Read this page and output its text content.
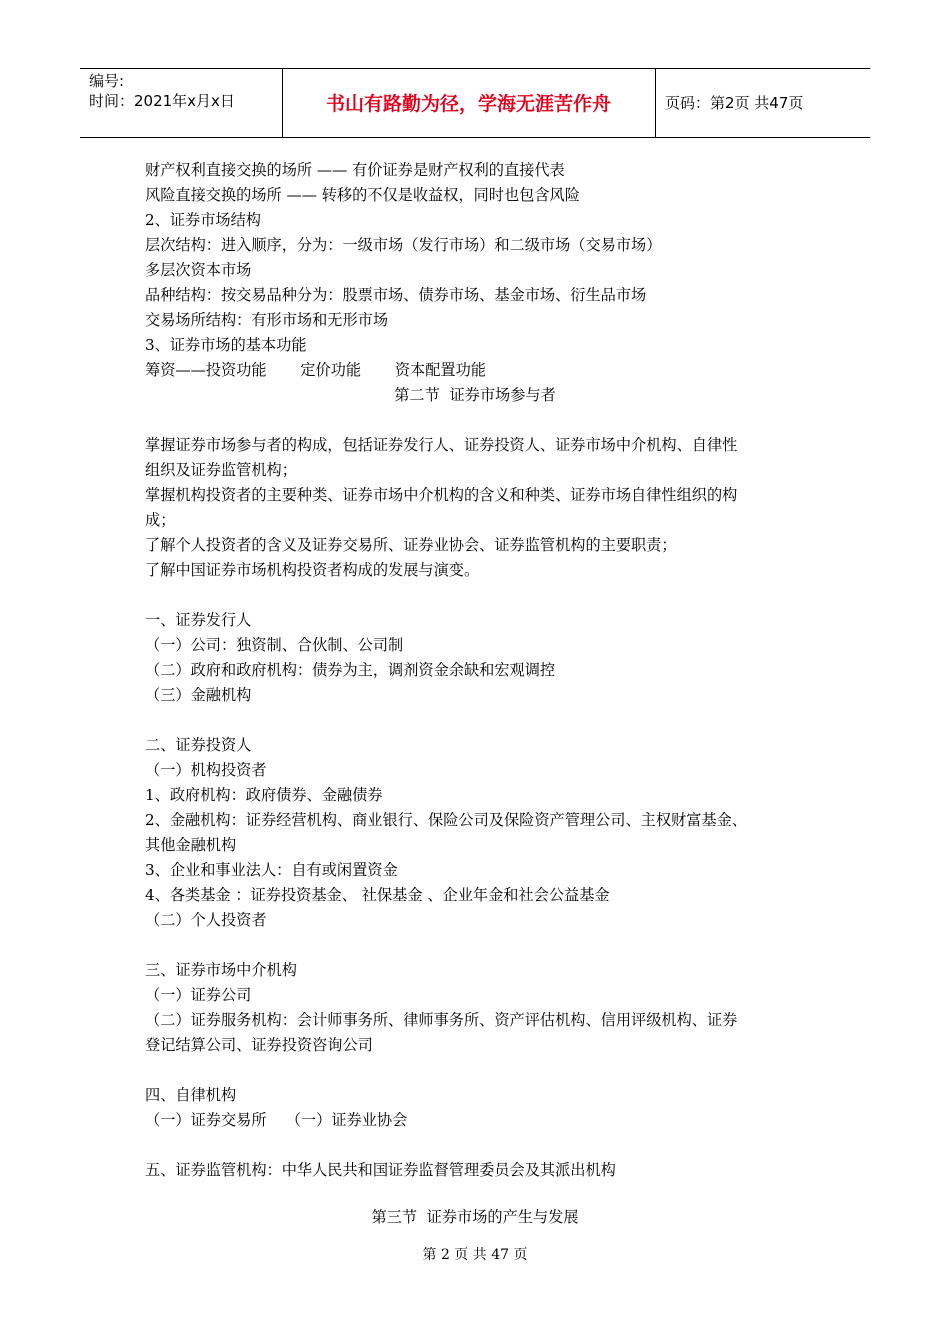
编号:
时间：2021年x月x日	书山有路勤为径，学海无涯苦作舟	页码：第2页 共47页
财产权利直接交换的场所 —— 有价证券是财产权利的直接代表
风险直接交换的场所 —— 转移的不仅是收益权，同时也包含风险
2、证券市场结构
层次结构：进入顺序，分为：一级市场（发行市场）和二级市场（交易市场）
多层次资本市场
品种结构：按交易品种分为：股票市场、债券市场、基金市场、衍生品市场
交易场所结构：有形市场和无形市场
3、证券市场的基本功能
筹资——投资功能       定价功能       资本配置功能
第二节  证券市场参与者
掌握证券市场参与者的构成，包括证券发行人、证券投资人、证券市场中介机构、自律性
组织及证券监管机构；
掌握机构投资者的主要种类、证券市场中介机构的含义和种类、证券市场自律性组织的构
成；
了解个人投资者的含义及证券交易所、证券业协会、证券监管机构的主要职责；
了解中国证券市场机构投资者构成的发展与演变。
一、证券发行人
（一）公司：独资制、合伙制、公司制
（二）政府和政府机构：债券为主，调剂资金余缺和宏观调控
（三）金融机构
二、证券投资人
（一）机构投资者
1、政府机构：政府债券、金融债券
2、金融机构：证券经营机构、商业银行、保险公司及保险资产管理公司、主权财富基金、
其他金融机构
3、企业和事业法人：自有或闲置资金
4、各类基金 ：证券投资基金、 社保基金 、企业年金和社会公益基金
（二）个人投资者
三、证券市场中介机构
（一）证券公司
（二）证券服务机构：会计师事务所、律师事务所、资产评估机构、信用评级机构、证券
登记结算公司、证券投资咨询公司
四、自律机构
（一）证券交易所    （一）证券业协会
五、证券监管机构：中华人民共和国证券监督管理委员会及其派出机构
第三节  证券市场的产生与发展
第 2 页 共 47 页
